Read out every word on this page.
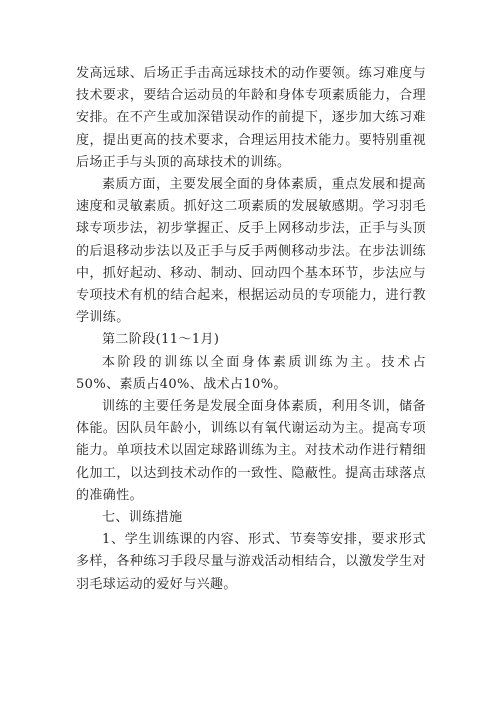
发高远球、后场正手击高远球技术的动作要领。练习难度与技术要求，要结合运动员的年龄和身体专项素质能力，合理安排。在不产生或加深错误动作的前提下，逐步加大练习难度，提出更高的技术要求，合理运用技术能力。要特别重视后场正手与头顶的高球技术的训练。

素质方面，主要发展全面的身体素质，重点发展和提高速度和灵敏素质。抓好这二项素质的发展敏感期。学习羽毛球专项步法，初步掌握正、反手上网移动步法，正手与头顶的后退移动步法以及正手与反手两侧移动步法。在步法训练中，抓好起动、移动、制动、回动四个基本环节，步法应与专项技术有机的结合起来，根据运动员的专项能力，进行教学训练。

第二阶段(11～1月)

本阶段的训练以全面身体素质训练为主。技术占50%、素质占40%、战术占10%。

训练的主要任务是发展全面身体素质，利用冬训，储备体能。因队员年龄小，训练以有氧代谢运动为主。提高专项能力。单项技术以固定球路训练为主。对技术动作进行精细化加工，以达到技术动作的一致性、隐蔽性。提高击球落点的准确性。

七、训练措施

1、学生训练课的内容、形式、节奏等安排，要求形式多样，各种练习手段尽量与游戏活动相结合，以激发学生对羽毛球运动的爱好与兴趣。
